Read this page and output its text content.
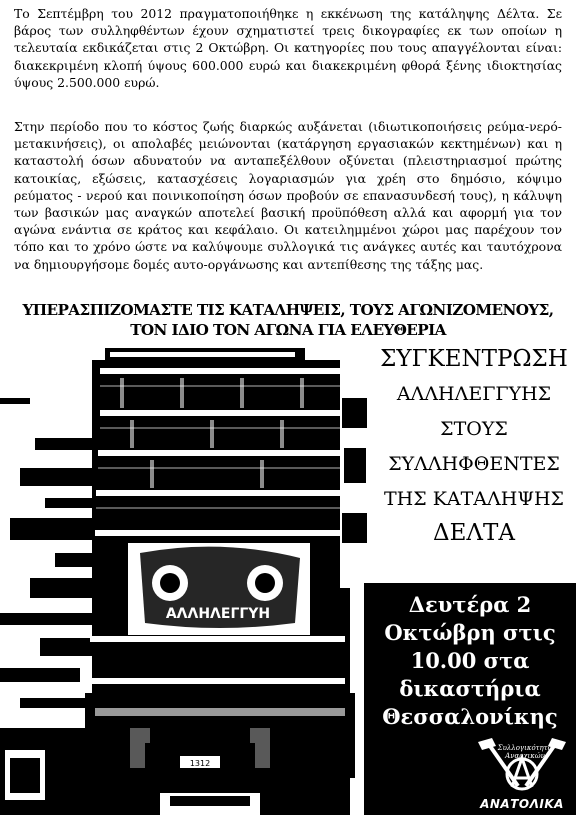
Το Σεπτέμβρη του 2012 πραγματοποιήθηκε η εκκένωση της κατάληψης Δέλτα. Σε βάρος των συλληφθέντων έχουν σχηματιστεί τρεις δικογραφίες εκ των οποίων η τελευταία εκδικάζεται στις 2 Οκτώβρη. Οι κατηγορίες που τους απαγγέλονται είναι: διακεκριμένη κλοπή ύψους 600.000 ευρώ και διακεκριμένη φθορά ξένης ιδιοκτησίας ύψους 2.500.000 ευρώ.

Στην περίοδο που το κόστος ζωής διαρκώς αυξάνεται (ιδιωτικοποιήσεις ρεύμα-νερό-μετακινήσεις), οι απολαβές μειώνονται (κατάργηση εργασιακών κεκτημένων) και η καταστολή όσων αδυνατούν να ανταπεξέλθουν οξύνεται (πλειστηριασμοί πρώτης κατοικίας, εξώσεις, κατασχέσεις λογαριασμών για χρέη στο δημόσιο, κόψιμο ρεύματος - νερού και ποινικοποίηση όσων προβούν σε επανασυνδεσή τους), η κάλυψη των βασικών μας αναγκών αποτελεί βασική προϋπόθεση αλλά και αφορμή για τον αγώνα ενάντια σε κράτος και κεφάλαιο. Οι κατειλημμένοι χώροι μας παρέχουν τον τόπο και το χρόνο ώστε να καλύψουμε συλλογικά τις ανάγκες αυτές και ταυτόχρονα να δημιουργήσομε δομές αυτο-οργάνωσης και αντεπίθεσης της τάξης μας.

ΥΠΕΡΑΣΠΙΖΟΜΑΣΤΕ ΤΙΣ ΚΑΤΑΛΗΨΕΙΣ, ΤΟΥΣ ΑΓΩΝΙΖΟΜΕΝΟΥΣ,
ΤΟΝ ΙΔΙΟ ΤΟΝ ΑΓΩΝΑ ΓΙΑ ΕΛΕΥΘΕΡΙΑ
ΑΛΛΗΛΕΓΓΥΗ
1312
ΣΥΓΚΕΝΤΡΩΣΗ
ΑΛΛΗΛΕΓΓΥΗΣ
ΣΤΟΥΣ
ΣΥΛΛΗΦΘΕΝΤΕΣ
ΤΗΣ ΚΑΤΑΛΗΨΗΣ
ΔΕΛΤΑ
Δευτέρα 2
Οκτώβρη στις
10.00 στα
δικαστήρια
Θεσσαλονίκης
Συλλογικότητα Αναρχικών
ΑΝΑΤΟΛΙΚΑ
